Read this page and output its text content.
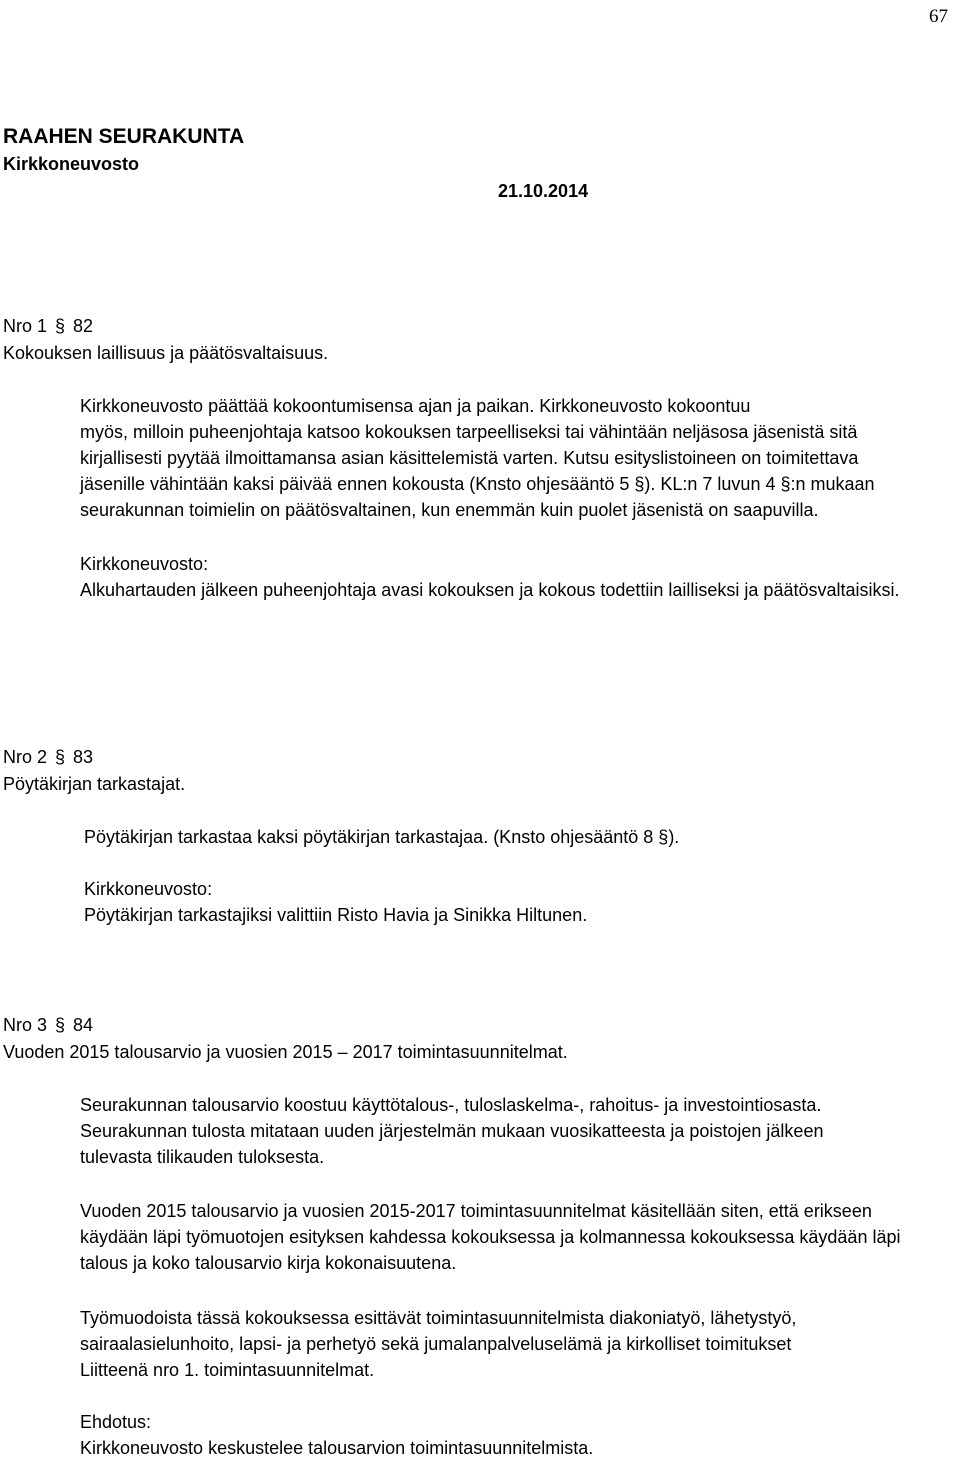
67
RAAHEN SEURAKUNTA
Kirkkoneuvosto
21.10.2014
Nro 1 § 82
Kokouksen laillisuus ja päätösvaltaisuus.

Kirkkoneuvosto päättää kokoontumisensa ajan ja paikan. Kirkkoneuvosto kokoontuu

myös, milloin puheenjohtaja katsoo kokouksen tarpeelliseksi tai vähintään neljäsosa jäsenistä sitä

kirjallisesti pyytää ilmoittamansa asian käsittelemistä varten. Kutsu esityslistoineen on toimitettava

jäsenille vähintään kaksi päivää ennen kokousta (Knsto ohjesääntö 5 §). KL:n 7 luvun 4 §:n mukaan

seurakunnan toimielin on päätösvaltainen, kun enemmän kuin puolet jäsenistä on saapuvilla.

Kirkkoneuvosto:

Alkuhartauden jälkeen puheenjohtaja avasi kokouksen ja kokous todettiin lailliseksi ja päätösvaltaisiksi.

Nro 2 § 83
Pöytäkirjan tarkastajat.

Pöytäkirjan tarkastaa kaksi pöytäkirjan tarkastajaa. (Knsto ohjesääntö 8 §).

Kirkkoneuvosto:

Pöytäkirjan tarkastajiksi valittiin Risto Havia ja Sinikka Hiltunen.

Nro 3 § 84
Vuoden 2015 talousarvio ja vuosien 2015 – 2017 toimintasuunnitelmat.

Seurakunnan talousarvio koostuu käyttötalous-, tuloslaskelma-, rahoitus- ja investointiosasta.

Seurakunnan tulosta mitataan uuden järjestelmän mukaan vuosikatteesta ja poistojen jälkeen

tulevasta tilikauden tuloksesta.

Vuoden 2015 talousarvio ja vuosien 2015-2017 toimintasuunnitelmat käsitellään siten, että erikseen

käydään läpi työmuotojen esityksen kahdessa kokouksessa ja kolmannessa kokouksessa käydään läpi

talous ja koko talousarvio kirja kokonaisuutena.

Työmuodoista tässä kokouksessa esittävät toimintasuunnitelmista diakoniatyö, lähetystyö,

sairaalasielunhoito, lapsi- ja perhetyö sekä jumalanpalveluselämä ja kirkolliset toimitukset

Liitteenä nro 1. toimintasuunnitelmat.

Ehdotus:

Kirkkoneuvosto keskustelee talousarvion toimintasuunnitelmista.
